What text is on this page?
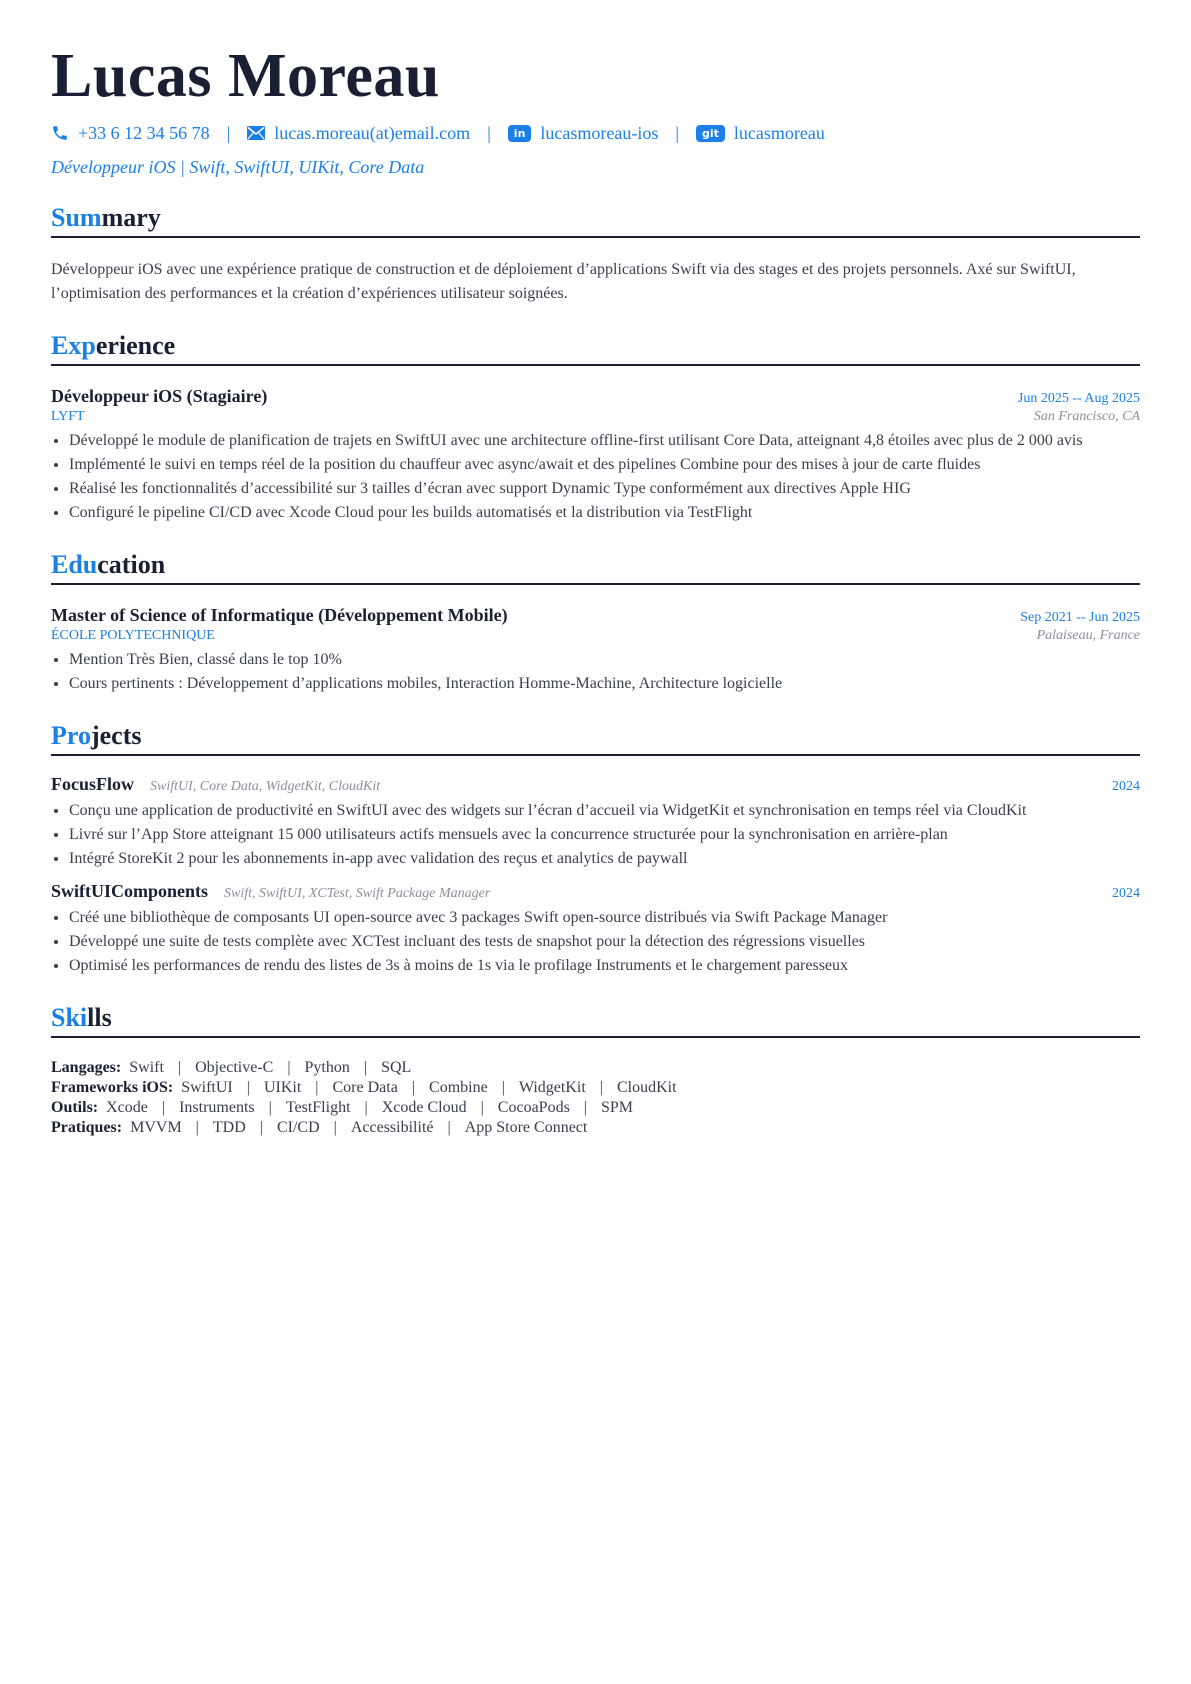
Lucas Moreau
+33 6 12 34 56 78 | lucas.moreau(at)email.com |	in lucasmoreau-ios |	git lucasmoreau
Développeur iOS | Swift, SwiftUI, UIKit, Core Data
Summary
Développeur iOS avec une expérience pratique de construction et de déploiement d’applications Swift via des stages et des projets personnels. Axé sur SwiftUI, l’optimisation des performances et la création d’expériences utilisateur soignées.
Experience
Développeur iOS (Stagiaire)	Jun 2025 -- Aug 2025
LYFT	San Francisco, CA
• Développé le module de planification de trajets en SwiftUI avec une architecture offline-first utilisant Core Data, atteignant 4,8 étoiles avec plus de 2 000 avis
• Implémenté le suivi en temps réel de la position du chauffeur avec async/await et des pipelines Combine pour des mises à jour de carte fluides
• Réalisé les fonctionnalités d’accessibilité sur 3 tailles d’écran avec support Dynamic Type conformément aux directives Apple HIG
• Configuré le pipeline CI/CD avec Xcode Cloud pour les builds automatisés et la distribution via TestFlight
Education
Master of Science of Informatique (Développement Mobile)	Sep 2021 -- Jun 2025
ÉCOLE POLYTECHNIQUE	Palaiseau, France
• Mention Très Bien, classé dans le top 10%
• Cours pertinents : Développement d’applications mobiles, Interaction Homme-Machine, Architecture logicielle
Projects
FocusFlow SwiftUI, Core Data, WidgetKit, CloudKit	2024
• Conçu une application de productivité en SwiftUI avec des widgets sur l’écran d’accueil via WidgetKit et synchronisation en temps réel via CloudKit
• Livré sur l’App Store atteignant 15 000 utilisateurs actifs mensuels avec la concurrence structurée pour la synchronisation en arrière-plan
• Intégré StoreKit 2 pour les abonnements in-app avec validation des reçus et analytics de paywall
SwiftUIComponents Swift, SwiftUI, XCTest, Swift Package Manager	2024
• Créé une bibliothèque de composants UI open-source avec 3 packages Swift open-source distribués via Swift Package Manager
• Développé une suite de tests complète avec XCTest incluant des tests de snapshot pour la détection des régressions visuelles
• Optimisé les performances de rendu des listes de 3s à moins de 1s via le profilage Instruments et le chargement paresseux
Skills
Langages: Swift	| Objective-C	| Python	| SQL
Frameworks iOS: SwiftUI	| UIKit	| Core Data	| Combine	| WidgetKit	| CloudKit
Outils: Xcode	| Instruments	| TestFlight	| Xcode Cloud	| CocoaPods	| SPM
Pratiques: MVVM	| TDD	| CI/CD	| Accessibilité	| App Store Connect
